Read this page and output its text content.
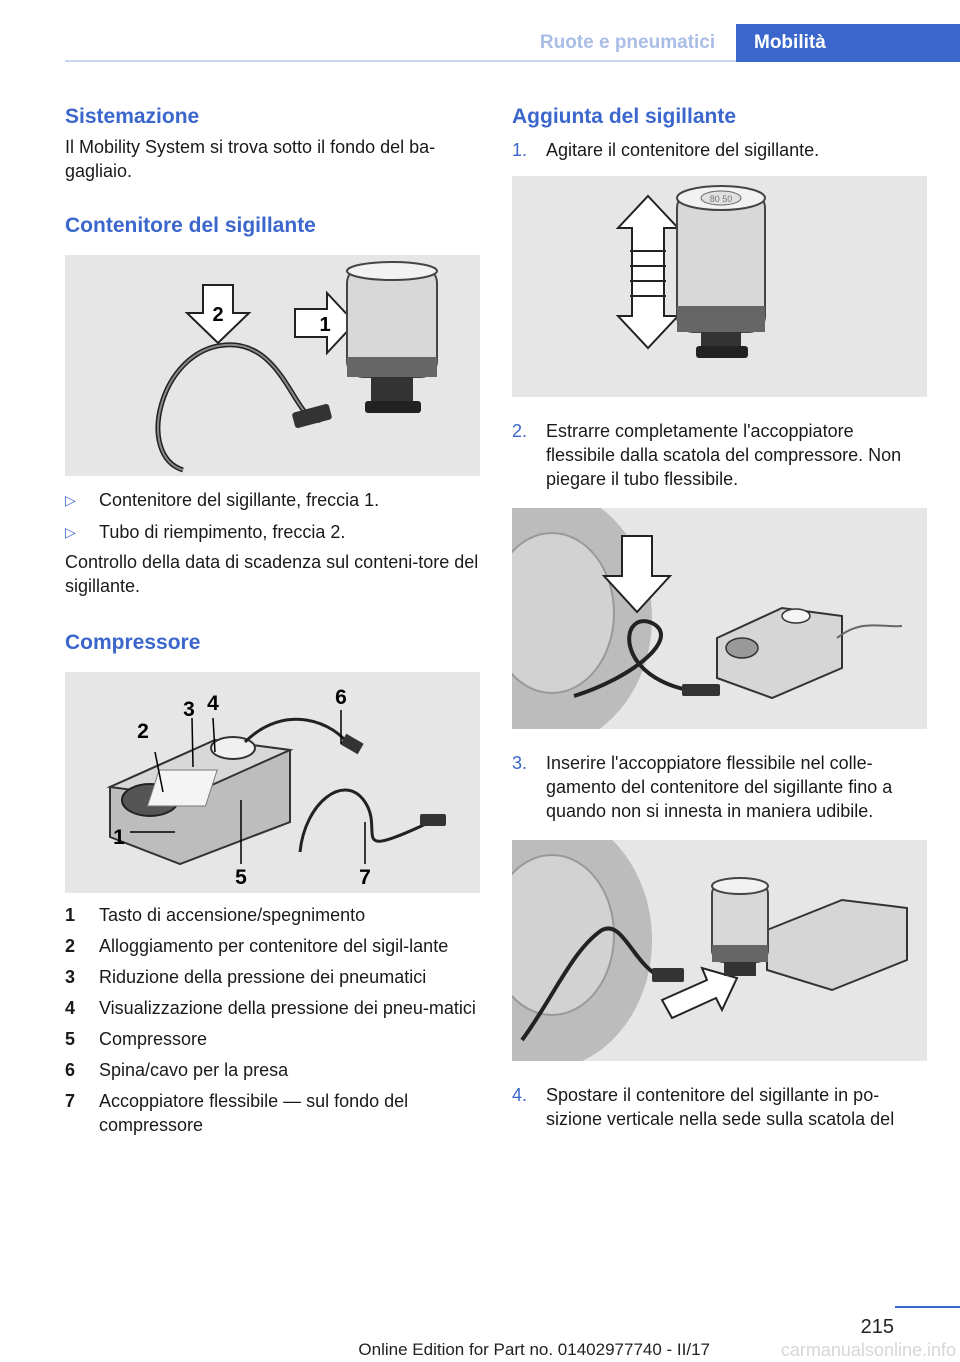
Ruote e pneumatici	Mobilità
Sistemazione

Il Mobility System si trova sotto il fondo del ba-gagliaio.

Contenitore del sigillante
2	1
▷	Contenitore del sigillante, freccia 1.
▷	Tubo di riempimento, freccia 2.

Controllo della data di scadenza sul conteni-tore del sigillante.

Compressore
2
3 4	6
1
5	7
1	Tasto di accensione/spegnimento
2	Alloggiamento per contenitore del sigil-lante
3	Riduzione della pressione dei pneumatici
4	Visualizzazione della pressione dei pneu-matici
5	Compressore
6	Spina/cavo per la presa
7	Accoppiatore flessibile — sul fondo del compressore
Aggiunta del sigillante
1.	Agitare il contenitore del sigillante.
80 50
2.	Estrarre completamente l'accoppiatore flessibile dalla scatola del compressore. Non piegare il tubo flessibile.
3.	Inserire l'accoppiatore flessibile nel colle-gamento del contenitore del sigillante fino a quando non si innesta in maniera udibile.
4.	Spostare il contenitore del sigillante in po-sizione verticale nella sede sulla scatola del
215
Online Edition for Part no. 01402977740 - II/17	carmanualsonline.info
